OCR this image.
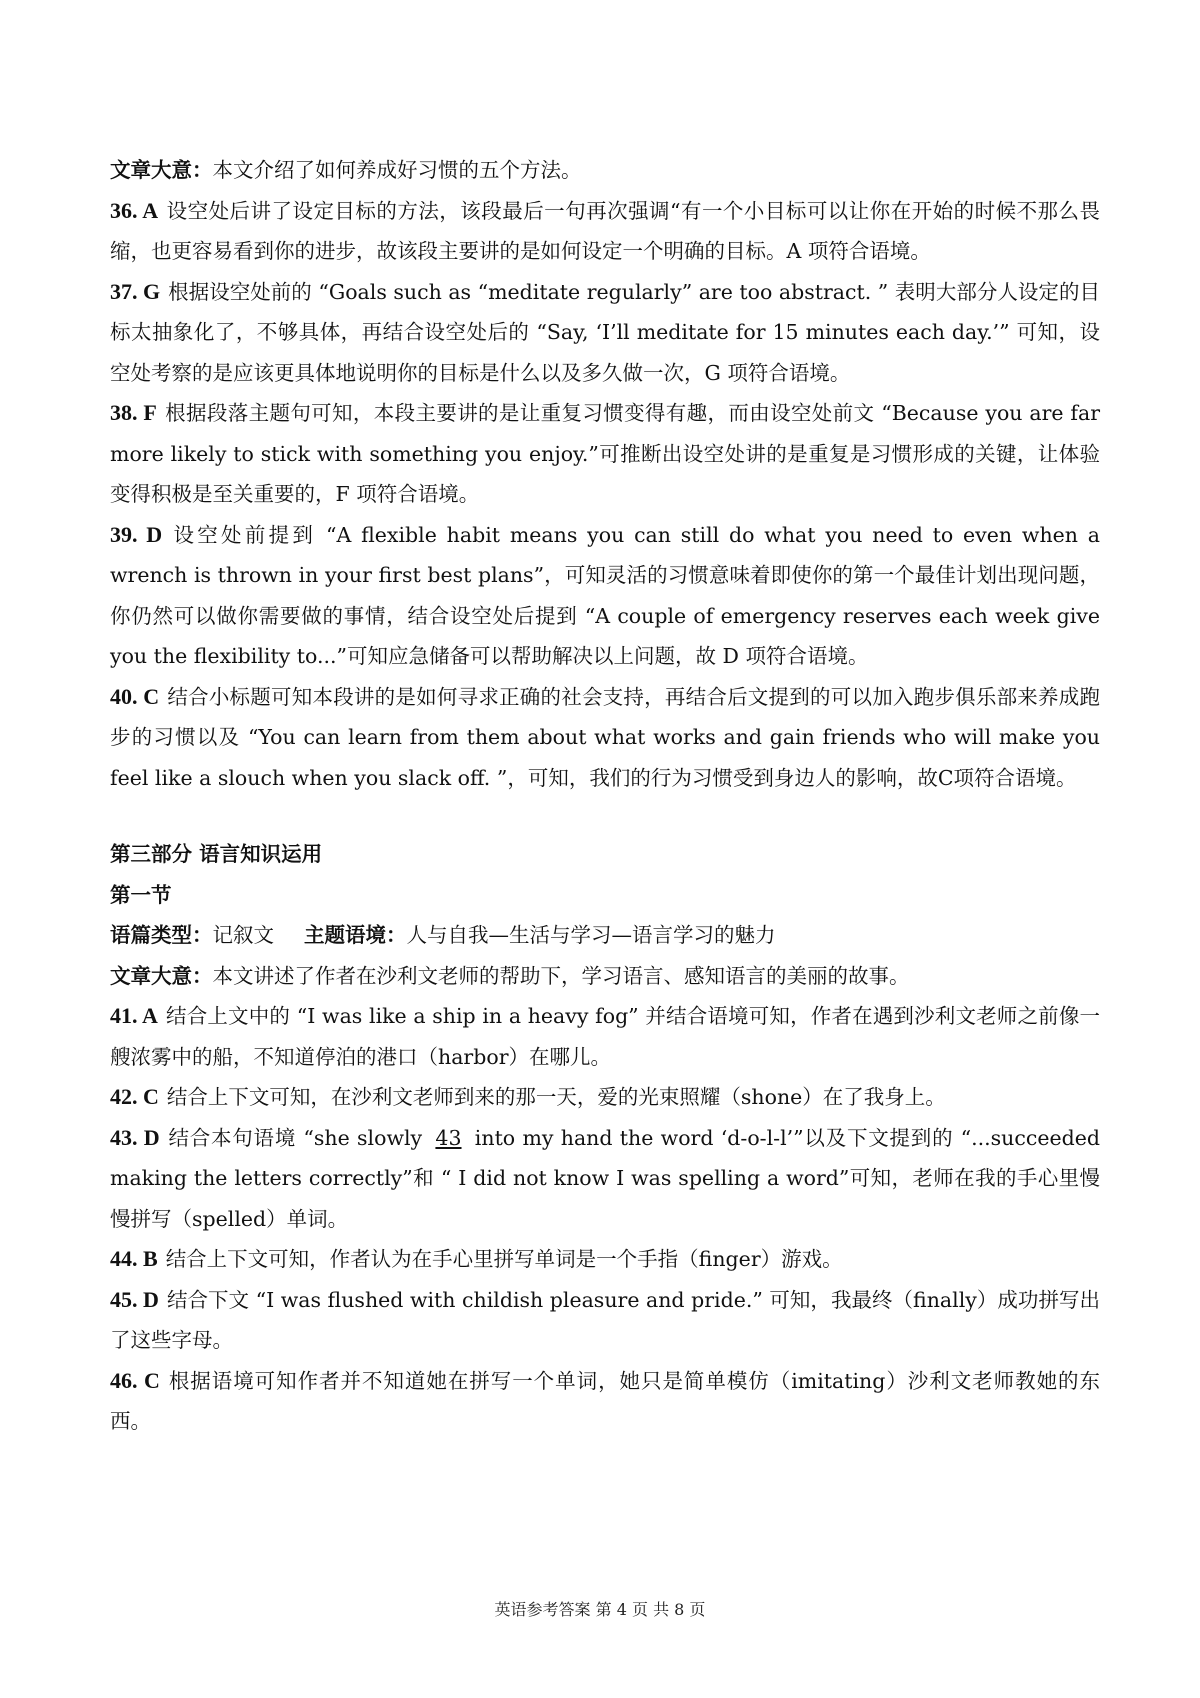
文章大意：本文介绍了如何养成好习惯的五个方法。

36. A 设空处后讲了设定目标的方法，该段最后一句再次强调“有一个小目标可以让你在开始的时候不那么畏缩，也更容易看到你的进步，故该段主要讲的是如何设定一个明确的目标。A 项符合语境。

37. G 根据设空处前的 “Goals such as “meditate regularly” are too abstract. ” 表明大部分人设定的目标太抽象化了，不够具体，再结合设空处后的 “Say, ‘I’ll meditate for 15 minutes each day.’” 可知，设空处考察的是应该更具体地说明你的目标是什么以及多久做一次，G 项符合语境。

38. F 根据段落主题句可知，本段主要讲的是让重复习惯变得有趣，而由设空处前文 “Because you are far more likely to stick with something you enjoy.”可推断出设空处讲的是重复是习惯形成的关键，让体验变得积极是至关重要的，F 项符合语境。

39. D 设空处前提到 “A flexible habit means you can still do what you need to even when a wrench is thrown in your first best plans”，可知灵活的习惯意味着即使你的第一个最佳计划出现问题，你仍然可以做你需要做的事情，结合设空处后提到 “A couple of emergency reserves each week give you the flexibility to...”可知应急储备可以帮助解决以上问题，故 D 项符合语境。

40. C 结合小标题可知本段讲的是如何寻求正确的社会支持，再结合后文提到的可以加入跑步俱乐部来养成跑步的习惯以及 “You can learn from them about what works and gain friends who will make you feel like a slouch when you slack off. ”，可知，我们的行为习惯受到身边人的影响，故C项符合语境。

第三部分 语言知识运用

第一节

语篇类型：记叙文 主题语境：人与自我—生活与学习—语言学习的魅力

文章大意：本文讲述了作者在沙利文老师的帮助下，学习语言、感知语言的美丽的故事。

41. A 结合上文中的 “I was like a ship in a heavy fog” 并结合语境可知，作者在遇到沙利文老师之前像一艘浓雾中的船，不知道停泊的港口（harbor）在哪儿。

42. C 结合上下文可知，在沙利文老师到来的那一天，爱的光束照耀（shone）在了我身上。

43. D 结合本句语境 “she slowly 43 into my hand the word ‘d-o-l-l’”以及下文提到的 “...succeeded making the letters correctly”和 “ I did not know I was spelling a word”可知，老师在我的手心里慢慢拼写（spelled）单词。

44. B 结合上下文可知，作者认为在手心里拼写单词是一个手指（finger）游戏。

45. D 结合下文 “I was flushed with childish pleasure and pride.” 可知，我最终（finally）成功拼写出了这些字母。

46. C 根据语境可知作者并不知道她在拼写一个单词，她只是简单模仿（imitating）沙利文老师教她的东西。

英语参考答案 第 4 页 共 8 页
